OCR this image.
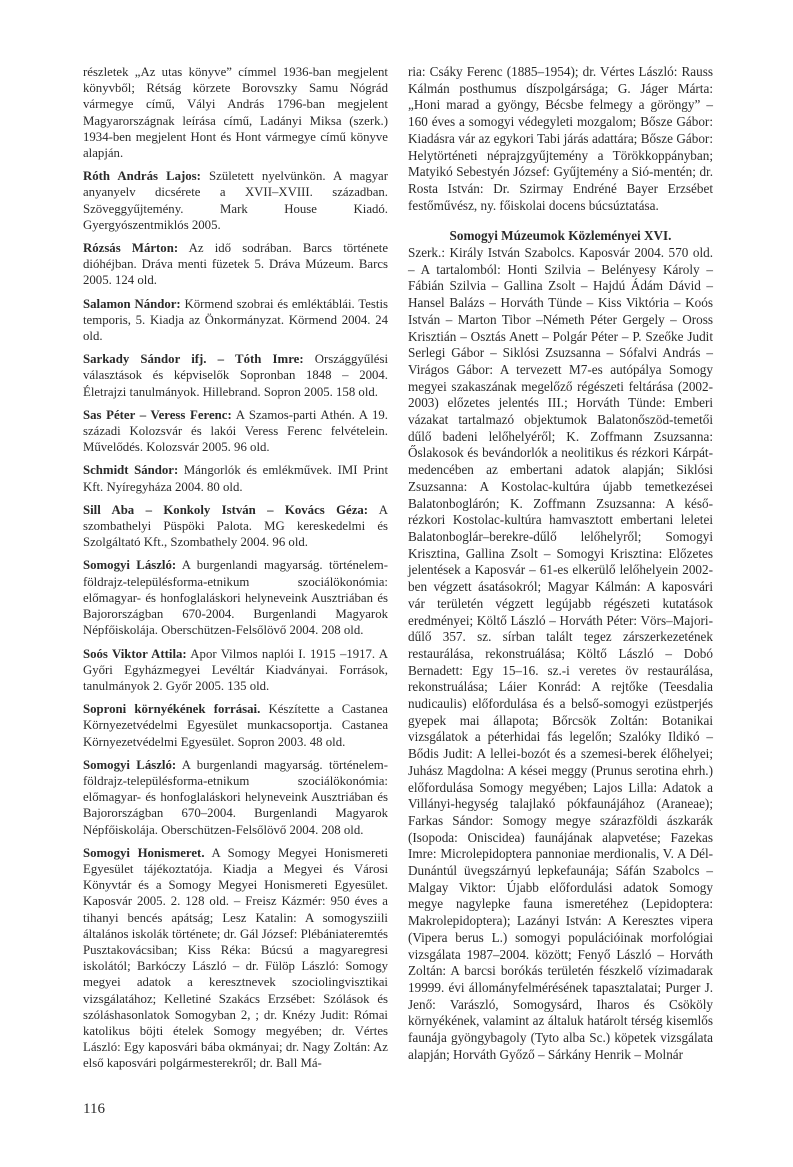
részletek „Az utas könyve” címmel 1936-ban megjelent könyvből; Rétság körzete Borovszky Samu Nógrád vármegye című, Vályi András 1796-ban megjelent Magyarországnak leírása című, Ladányi Miksa (szerk.) 1934-ben megjelent Hont és Hont vármegye című könyve alapján.

Róth András Lajos: Született nyelvünkön. A magyar anyanyelv dicsérete a XVII–XVIII. században. Szöveggyűjtemény. Mark House Kiadó. Gyergyószentmiklós 2005.

Rózsás Márton: Az idő sodrában. Barcs története dióhéjban. Dráva menti füzetek 5. Dráva Múzeum. Barcs 2005. 124 old.

Salamon Nándor: Körmend szobrai és emléktáblái. Testis temporis, 5. Kiadja az Önkormányzat. Körmend 2004. 24 old.

Sarkady Sándor ifj. – Tóth Imre: Országgyűlési választások és képviselők Sopronban 1848 – 2004. Életrajzi tanulmányok. Hillebrand. Sopron 2005. 158 old.

Sas Péter – Veress Ferenc: A Szamos-parti Athén. A 19. századi Kolozsvár és lakói Veress Ferenc felvételein. Művelődés. Kolozsvár 2005. 96 old.

Schmidt Sándor: Mángorlók és emlékművek. IMI Print Kft. Nyíregyháza 2004. 80 old.

Sill Aba – Konkoly István – Kovács Géza: A szombathelyi Püspöki Palota. MG kereskedelmi és Szolgáltató Kft., Szombathely 2004. 96 old.

Somogyi László: A burgenlandi magyarság. történelem-földrajz-településforma-etnikum szociálökonómia: előmagyar- és honfoglaláskori helyneveink Ausztriában és Bajorországban 670-2004. Burgenlandi Magyarok Népfőiskolája. Oberschützen-Felsőlövő 2004. 208 old.

Soós Viktor Attila: Apor Vilmos naplói I. 1915 –1917. A Győri Egyházmegyei Levéltár Kiadványai. Források, tanulmányok 2. Győr 2005. 135 old.

Soproni környékének forrásai. Készítette a Castanea Környezetvédelmi Egyesület munkacsoportja. Castanea Környezetvédelmi Egyesület. Sopron 2003. 48 old.

Somogyi László: A burgenlandi magyarság. történelem-földrajz-településforma-etnikum szociálökonómia: előmagyar- és honfoglaláskori helyneveink Ausztriában és Bajorországban 670–2004. Burgenlandi Magyarok Népfőiskolája. Oberschützen-Felsőlövő 2004. 208 old.

Somogyi Honismeret. A Somogy Megyei Honismereti Egyesület tájékoztatója. Kiadja a Megyei és Városi Könyvtár és a Somogy Megyei Honismereti Egyesület. Kaposvár 2005. 2. 128 old. – Freisz Kázmér: 950 éves a tihanyi bencés apátság; Lesz Katalin: A somogysziili általános iskolák története; dr. Gál József: Plébániateremtés Pusztakovácsiban; Kiss Réka: Búcsú a magyaregresi iskolától; Barkóczy László – dr. Fülöp László: Somogy megyei adatok a keresztnevek szociolingvisztikai vizsgálatához; Kelletiné Szakács Erzsébet: Szólások és szóláshasonlatok Somogyban 2, ; dr. Knézy Judit: Római katolikus böjti ételek Somogy megyében; dr. Vértes László: Egy kaposvári bába okmányai; dr. Nagy Zoltán: Az első kaposvári polgármesterekről; dr. Ball Má-

ria: Csáky Ferenc (1885–1954); dr. Vértes László: Rauss Kálmán posthumus díszpolgársága; G. Jáger Márta: „Honi marad a gyöngy, Bécsbe felmegy a göröngy” – 160 éves a somogyi védegyleti mozgalom; Bősze Gábor: Kiadásra vár az egykori Tabi járás adattára; Bősze Gábor: Helytörténeti néprajzgyűjtemény a Törökkoppányban; Matyikó Sebestyén József: Gyűjtemény a Sió-mentén; dr. Rosta István: Dr. Szirmay Endréné Bayer Erzsébet festőművész, ny. főiskolai docens búcsúztatása.

Somogyi Múzeumok Közleményei XVI.

Szerk.: Király István Szabolcs. Kaposvár 2004. 570 old. – A tartalomból: Honti Szilvia – Belényesy Károly – Fábián Szilvia – Gallina Zsolt – Hajdú Ádám Dávid –Hansel Balázs – Horváth Tünde – Kiss Viktória – Koós István – Marton Tibor –Németh Péter Gergely – Oross Krisztián – Osztás Anett – Polgár Péter – P. Szeőke Judit Serlegi Gábor – Siklósi Zsuzsanna – Sófalvi András – Virágos Gábor: A tervezett M7-es autópálya Somogy megyei szakaszának megelőző régészeti feltárása (2002-2003) előzetes jelentés III.; Horváth Tünde: Emberi vázakat tartalmazó objektumok Balatonőszöd-temetői dűlő badeni lelőhelyéről; K. Zoffmann Zsuzsanna: Őslakosok és bevándorlók a neolitikus és rézkori Kárpát-medencében az embertani adatok alapján; Siklósi Zsuzsanna: A Kostolac-kultúra újabb temetkezései Balatonboglárón; K. Zoffmann Zsuzsanna: A késő-rézkori Kostolac-kultúra hamvasztott embertani leletei Balatonboglár–berekre-dűlő lelőhelyről; Somogyi Krisztina, Gallina Zsolt – Somogyi Krisztina: Előzetes jelentések a Kaposvár – 61-es elkerülő lelőhelyein 2002-ben végzett ásatásokról; Magyar Kálmán: A kaposvári vár területén végzett legújabb régészeti kutatások eredményei; Költő László – Horváth Péter: Vörs–Majori-dűlő 357. sz. sírban talált tegez zárszerkezetének restaurálása, rekonstruálása; Költő László – Dobó Bernadett: Egy 15–16. sz.-i veretes öv restaurálása, rekonstruálása; Láier Konrád: A rejtőke (Teesdalia nudicaulis) előfordulása és a belső-somogyi ezüstperjés gyepek mai állapota; Bőrcsök Zoltán: Botanikai vizsgálatok a péterhidai fás legelőn; Szalóky Ildikó – Bődis Judit: A lellei-bozót és a szemesi-berek élőhelyei; Juhász Magdolna: A kései meggy (Prunus serotina ehrh.) előfordulása Somogy megyében; Lajos Lilla: Adatok a Villányi-hegység talajlakó pókfaunájához (Araneae); Farkas Sándor: Somogy megye szárazföldi ászkarák (Isopoda: Oniscidea) faunájának alapvetése; Fazekas Imre: Microlepidoptera pannoniae merdionalis, V. A Dél-Dunántúl üvegszárnyú lepkefaunája; Sáfán Szabolcs – Malgay Viktor: Újabb előfordulási adatok Somogy megye nagylepke fauna ismeretéhez (Lepidoptera: Makrolepidoptera); Lazányi István: A Keresztes vipera (Vipera berus L.) somogyi populációinak morfológiai vizsgálata 1987–2004. között; Fenyő László – Horváth Zoltán: A barcsi borókás területén fészkelő vízimadarak 19999. évi állományfelmérésének tapasztalatai; Purger J. Jenő: Varászló, Somogysárd, Iharos és Csököly környékének, valamint az általuk határolt térség kisemlős faunája gyöngybagoly (Tyto alba Sc.) köpetek vizsgálata alapján; Horváth Győző – Sárkány Henrik – Molnár

116
